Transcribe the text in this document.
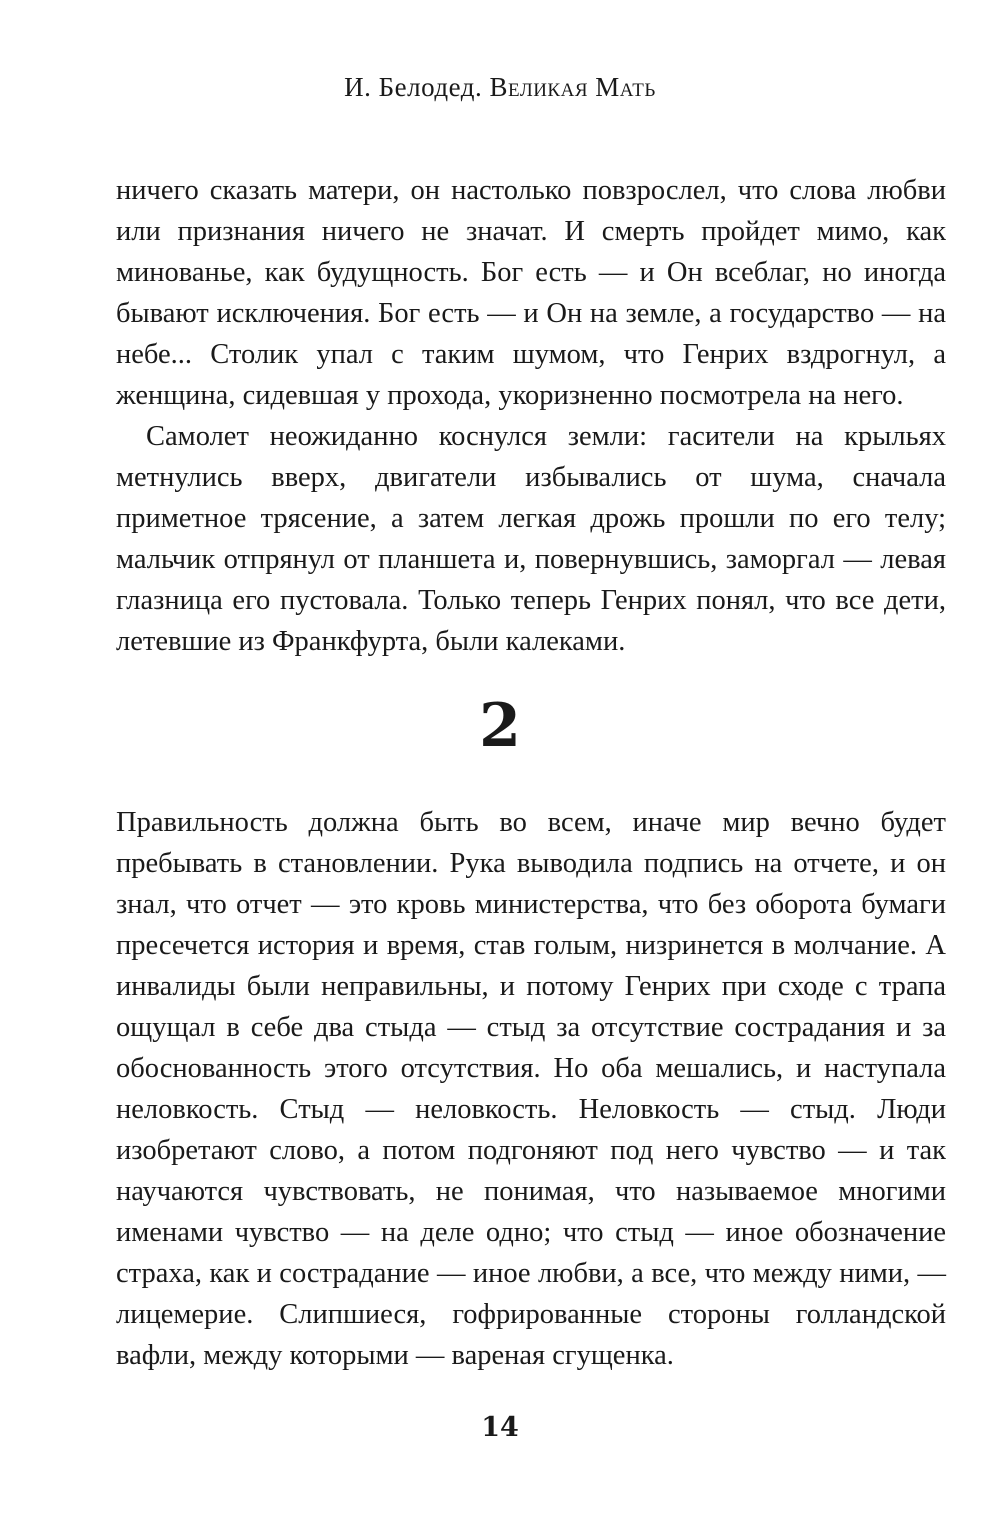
И. Белодед. Великая Мать

ничего сказать матери, он настолько повзрослел, что слова любви или признания ничего не значат. И смерть пройдет мимо, как минованье, как будущность. Бог есть — и Он всеблаг, но иногда бывают исключения. Бог есть — и Он на земле, а государство — на небе... Столик упал с таким шумом, что Генрих вздрогнул, а женщина, сидевшая у прохода, укоризненно посмотрела на него.

Самолет неожиданно коснулся земли: гасители на крыльях метнулись вверх, двигатели избывались от шума, сначала приметное трясение, а затем легкая дрожь прошли по его телу; мальчик отпрянул от планшета и, повернувшись, заморгал — левая глазница его пустовала. Только теперь Генрих понял, что все дети, летевшие из Франкфурта, были калеками.

2

Правильность должна быть во всем, иначе мир вечно будет пребывать в становлении. Рука выводила подпись на отчете, и он знал, что отчет — это кровь министерства, что без оборота бумаги пресечется история и время, став голым, низринется в молчание. А инвалиды были неправильны, и потому Генрих при сходе с трапа ощущал в себе два стыда — стыд за отсутствие сострадания и за обоснованность этого отсутствия. Но оба мешались, и наступала неловкость. Стыд — неловкость. Неловкость — стыд. Люди изобретают слово, а потом подгоняют под него чувство — и так научаются чувствовать, не понимая, что называемое многими именами чувство — на деле одно; что стыд — иное обозначение страха, как и сострадание — иное любви, а все, что между ними, — лицемерие. Слипшиеся, гофрированные стороны голландской вафли, между которыми — вареная сгущенка.

14
